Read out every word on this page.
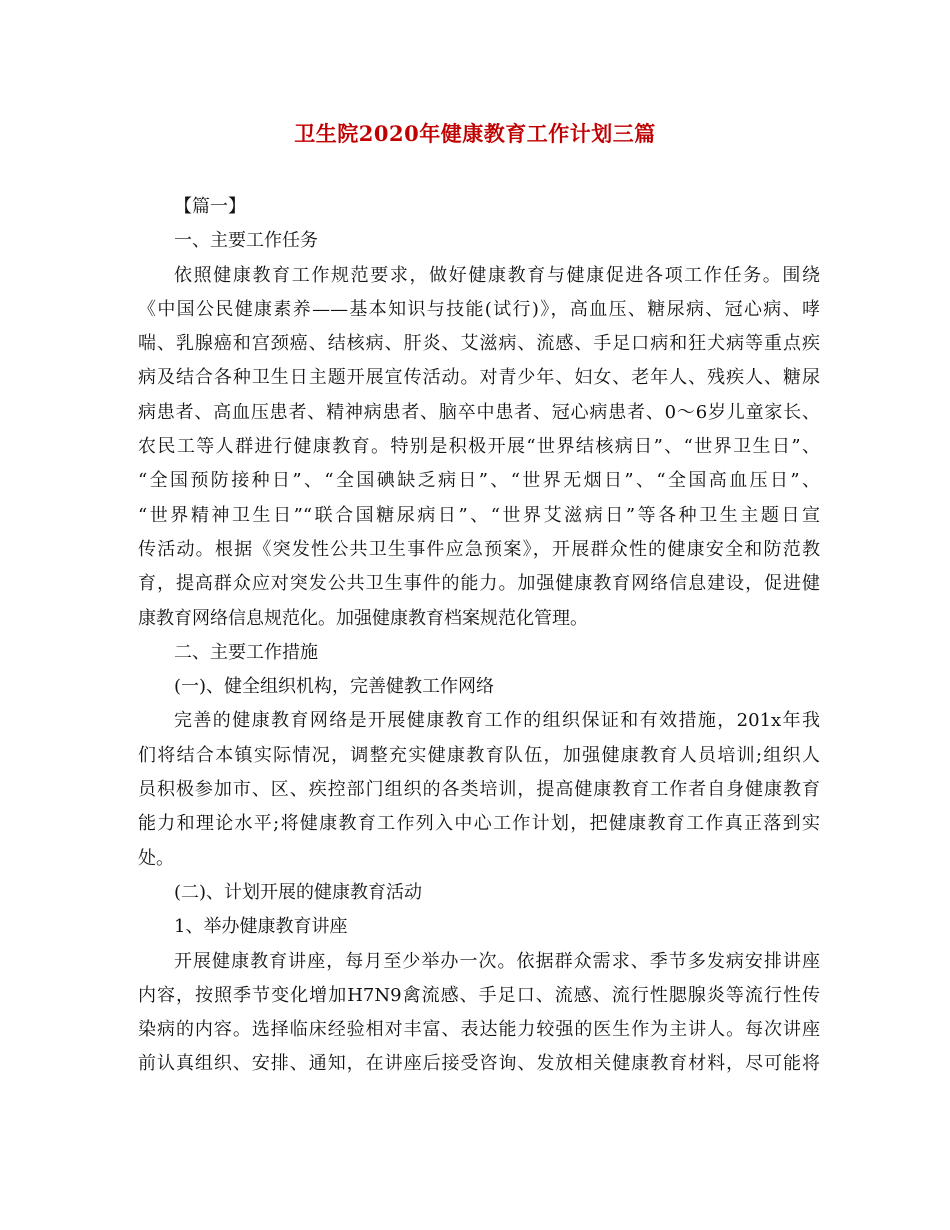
卫生院2020年健康教育工作计划三篇
【篇一】
一、主要工作任务
依照健康教育工作规范要求，做好健康教育与健康促进各项工作任务。围绕
《中国公民健康素养——基本知识与技能(试行)》，高血压、糖尿病、冠心病、哮
喘、乳腺癌和宫颈癌、结核病、肝炎、艾滋病、流感、手足口病和狂犬病等重点疾
病及结合各种卫生日主题开展宣传活动。对青少年、妇女、老年人、残疾人、糖尿
病患者、高血压患者、精神病患者、脑卒中患者、冠心病患者、0～6岁儿童家长、
农民工等人群进行健康教育。特别是积极开展“世界结核病日”、“世界卫生日”、
“全国预防接种日”、“全国碘缺乏病日”、“世界无烟日”、“全国高血压日”、
“世界精神卫生日”“联合国糖尿病日”、“世界艾滋病日”等各种卫生主题日宣
传活动。根据《突发性公共卫生事件应急预案》，开展群众性的健康安全和防范教
育，提高群众应对突发公共卫生事件的能力。加强健康教育网络信息建设，促进健
康教育网络信息规范化。加强健康教育档案规范化管理。
二、主要工作措施
(一)、健全组织机构，完善健教工作网络
完善的健康教育网络是开展健康教育工作的组织保证和有效措施，201x年我
们将结合本镇实际情况，调整充实健康教育队伍，加强健康教育人员培训;组织人
员积极参加市、区、疾控部门组织的各类培训，提高健康教育工作者自身健康教育
能力和理论水平;将健康教育工作列入中心工作计划，把健康教育工作真正落到实
处。
(二)、计划开展的健康教育活动
1、举办健康教育讲座
开展健康教育讲座，每月至少举办一次。依据群众需求、季节多发病安排讲座
内容，按照季节变化增加H7N9禽流感、手足口、流感、流行性腮腺炎等流行性传
染病的内容。选择临床经验相对丰富、表达能力较强的医生作为主讲人。每次讲座
前认真组织、安排、通知，在讲座后接受咨询、发放相关健康教育材料，尽可能将
